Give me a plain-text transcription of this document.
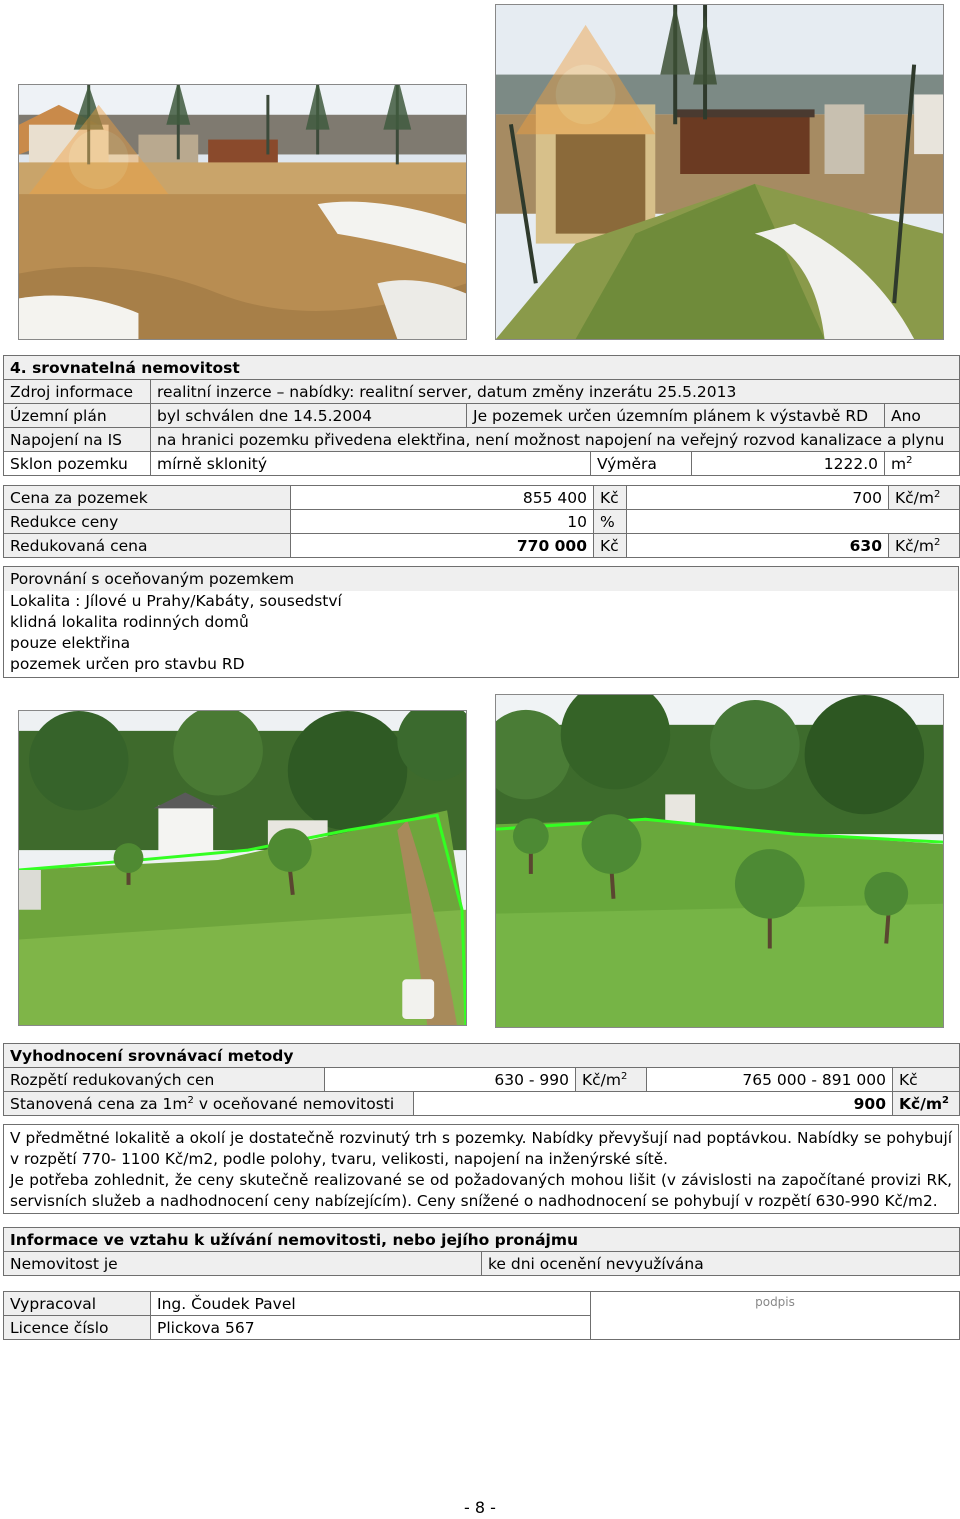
4. srovnatelná nemovitost					
Zdroj informace	realitní inzerce – nabídky: realitní server, datum změny inzerátu 25.5.2013				
Územní plán	byl schválen dne 14.5.2004	Je pozemek určen územním plánem k výstavbě RD			Ano
Napojení na IS	na hranici pozemku přivedena elektřina, není možnost napojení na veřejný rozvod kanalizace a plynu				
Sklon pozemku	mírně sklonitý		Výměra	1222.0	$m^2$
Cena za pozemek	855 400	Kč	700	$Kč/m^2$
Redukce ceny	10	%		
Redukovaná cena	770 000	Kč	630	$Kč/m^2$
Porovnání s oceňovaným pozemkem
Lokalita : Jílové u Prahy/Kabáty, sousedství
klidná lokalita rodinných domů
pouze elektřina
pozemek určen pro stavbu RD
Vyhodnocení srovnávací metody					
Rozpětí redukovaných cen	630 - 990		$Kč/m^2$	765 000 - 891 000	Kč
Stanovená cena za $1m^2$ v oceňované nemovitosti		900			$Kč/m^2$
V předmětné lokalitě a okolí je dostatečně rozvinutý trh s pozemky. Nabídky převyšují nad poptávkou. Nabídky se pohybují v rozpětí 770- 1100 Kč/m2, podle polohy, tvaru, velikosti, napojení na inženýrské sítě.
Je potřeba zohlednit, že ceny skutečně realizované se od požadovaných mohou lišit (v závislosti na započítané provizi RK, servisních služeb a nadhodnocení ceny nabízejícím). Ceny snížené o nadhodnocení se pohybují v rozpětí 630-990 Kč/m2.
Informace ve vztahu k užívání nemovitosti, nebo jejího pronájmu
Nemovitost je	ke dni ocenění nevyužívána
Vypracoval	Ing. Čoudek Pavel	podpis
Licence číslo	Plickova 567	
- 8 -
